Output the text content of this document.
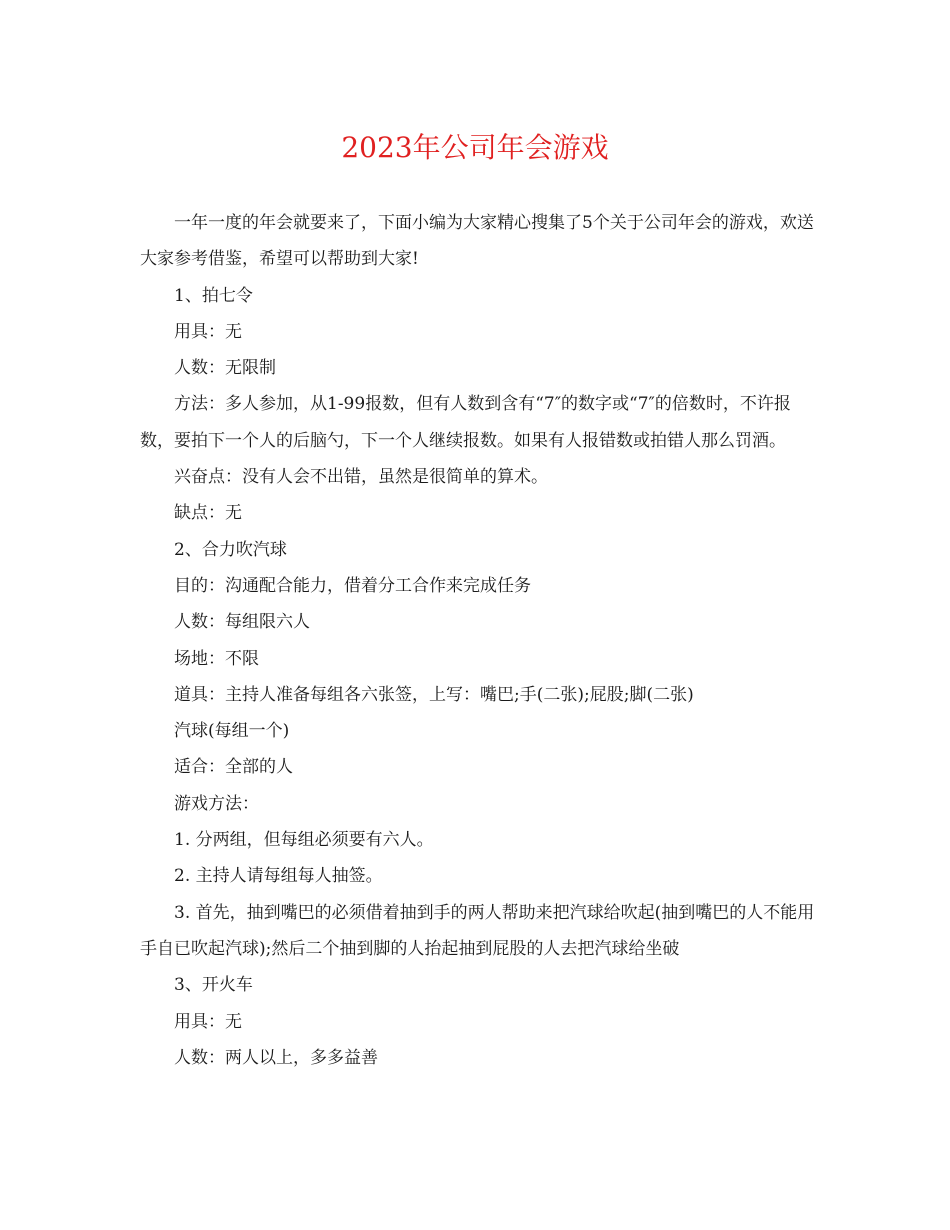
2023年公司年会游戏

一年一度的年会就要来了，下面小编为大家精心搜集了5个关于公司年会的游戏，欢送大家参考借鉴，希望可以帮助到大家!

1、拍七令

用具：无

人数：无限制

方法：多人参加，从1-99报数，但有人数到含有“7″的数字或“7″的倍数时，不许报数，要拍下一个人的后脑勺，下一个人继续报数。如果有人报错数或拍错人那么罚酒。

兴奋点：没有人会不出错，虽然是很简单的算术。

缺点：无

2、合力吹汽球

目的：沟通配合能力，借着分工合作来完成任务

人数：每组限六人

场地：不限

道具：主持人准备每组各六张签，上写：嘴巴;手(二张);屁股;脚(二张)

汽球(每组一个)

适合：全部的人

游戏方法：

1. 分两组，但每组必须要有六人。

2. 主持人请每组每人抽签。

3. 首先，抽到嘴巴的必须借着抽到手的两人帮助来把汽球给吹起(抽到嘴巴的人不能用手自已吹起汽球);然后二个抽到脚的人抬起抽到屁股的人去把汽球给坐破

3、开火车

用具：无

人数：两人以上，多多益善
